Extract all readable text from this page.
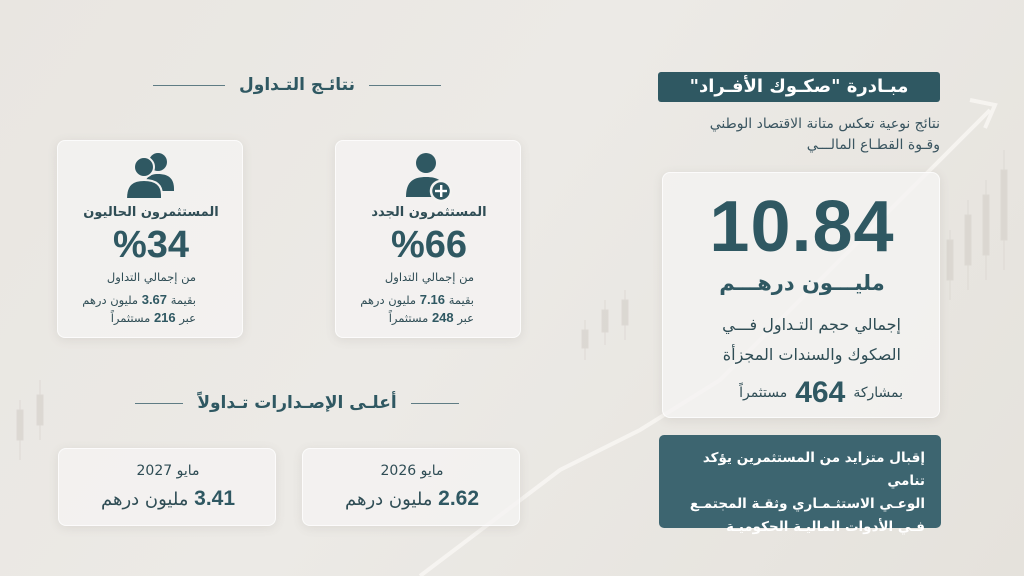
مبـادرة "صكـوك الأفـراد"
نتائج نوعية تعكس متانة الاقتصاد الوطني
وقـوة القطـاع المالـــي
10.84
مليـــون درهـــم
إجمالي حجم التـداول فـــي
الصكوك والسندات المجزأة
بمشاركة
464
مستثمراً
إقبال متزايد من المستثمرين يؤكد تنامي
الوعـي الاستثـمـاري وثقـة المجتمـع
فـي الأدوات الماليـة الحكوميـة
نتائـج التـداول
المستثمرون الجدد
%66
من إجمالي التداول
بقيمة 7.16 مليون درهم
عبر 248 مستثمراً
المستثمرون الحاليون
%34
من إجمالي التداول
بقيمة 3.67 مليون درهم
عبر 216 مستثمراً
أعلـى الإصـدارات تـداولاً
مايو 2026
2.62 مليون درهم
مايو 2027
3.41 مليون درهم
